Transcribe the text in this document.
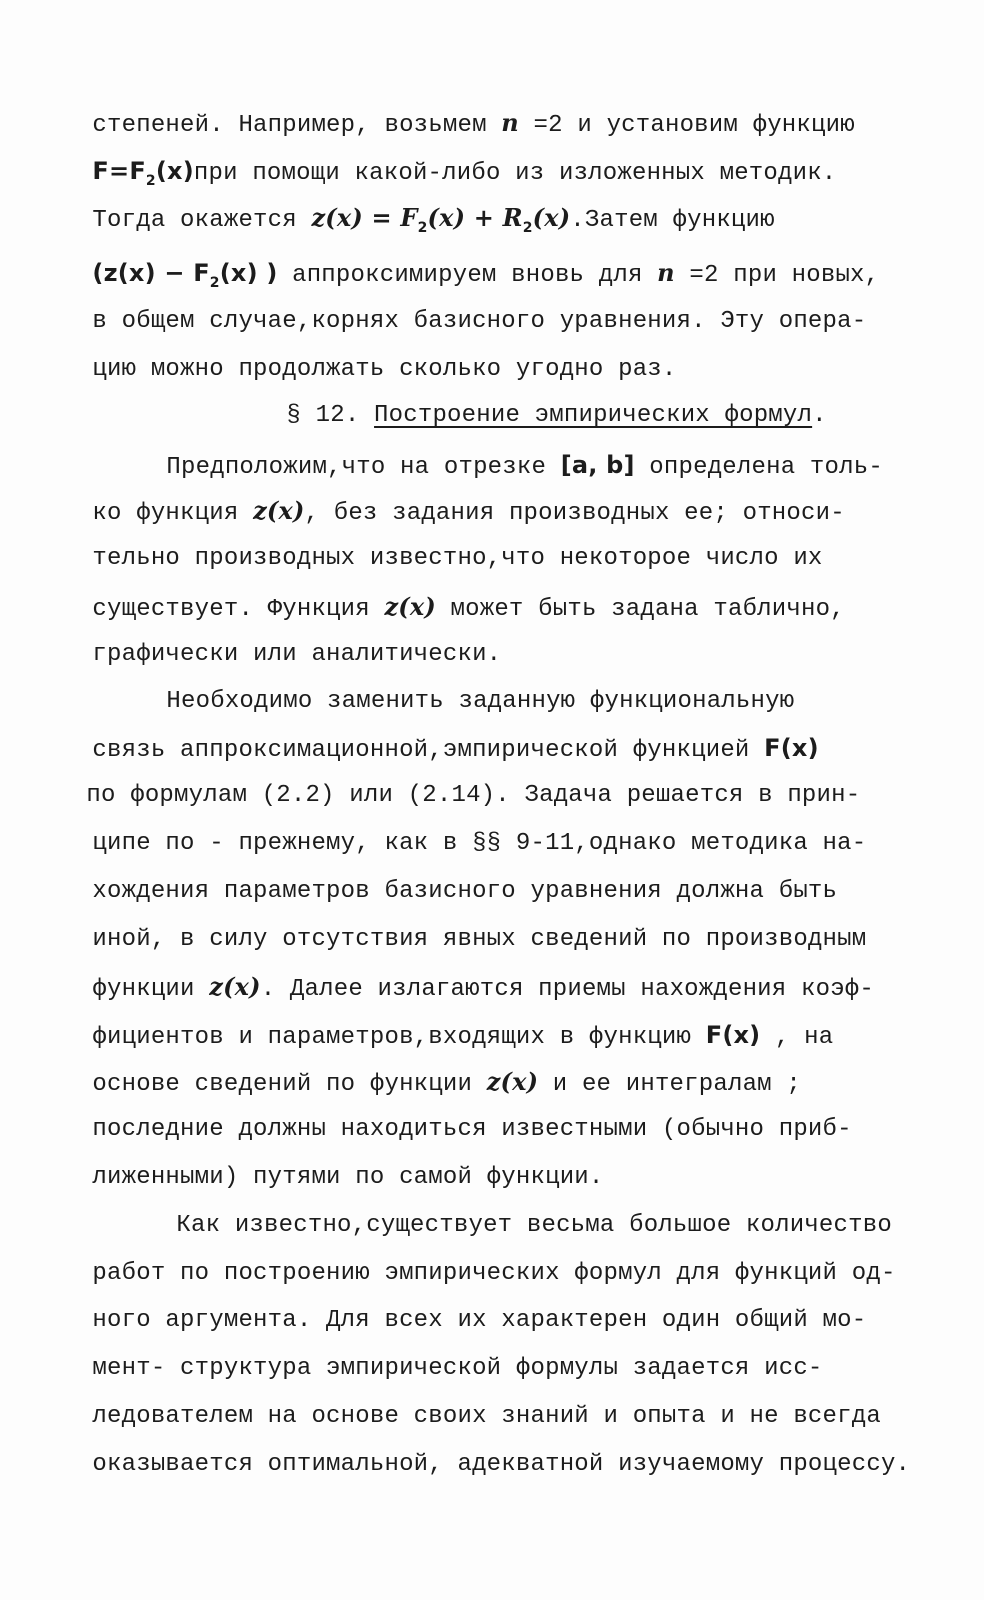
степеней. Например, возьмем n =2 и установим функцию

$F=F_2(x)при$ помощи какой-либо из изложенных методик.

Тогда окажется $z(x) = F_2(x)$ + $R_2(x).Затем$ функцию

($z(x) - F_2(x)$ ) аппроксимируем вновь для n =2 при новых,

в общем случае,корнях базисного уравнения. Эту опера-

цию можно продолжать сколько угодно раз.

§ 12. Построение эмпирических формул.

Предположим,что на отрезке [a, b] определена толь-

ко функция z(x), без задания производных ее; относи-

тельно производных известно,что некоторое число их

существует. Функция z(x) может быть задана таблично,

графически или аналитически.

Необходимо заменить заданную функциональную

связь аппроксимационной,эмпирической функцией F(x)

по формулам (2.2) или (2.14). Задача решается в прин-

ципе по - прежнему, как в §§ 9-11,однако методика на-

хождения параметров базисного уравнения должна быть

иной, в силу отсутствия явных сведений по производным

функции z(x). Далее излагаются приемы нахождения коэф-

фициентов и параметров,входящих в функцию F(x) , на

основе сведений по функции z(x) и ее интегралам ;

последние должны находиться известными (обычно приб-

лиженными) путями по самой функции.

Как известно,существует весьма большое количество

работ по построению эмпирических формул для функций од-

ного аргумента. Для всех их характерен один общий мо-

мент- структура эмпирической формулы задается исс-

ледователем на основе своих знаний и опыта и не всегда

оказывается оптимальной, адекватной изучаемому процессу.
